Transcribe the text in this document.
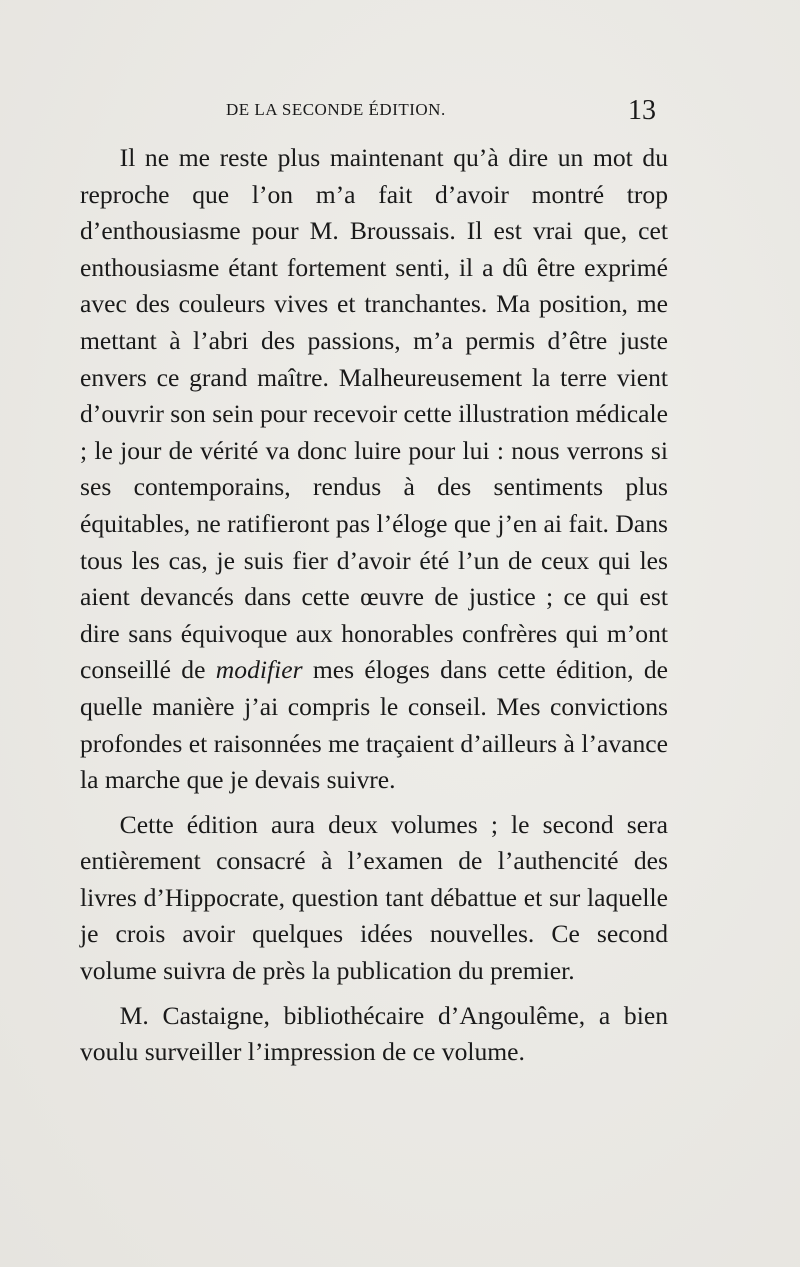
DE LA SECONDE ÉDITION.	13

Il ne me reste plus maintenant qu’à dire un mot du reproche que l’on m’a fait d’avoir montré trop d’enthousiasme pour M. Broussais. Il est vrai que, cet enthousiasme étant fortement senti, il a dû être exprimé avec des couleurs vives et tranchantes. Ma position, me mettant à l’abri des passions, m’a permis d’être juste envers ce grand maître. Malheureusement la terre vient d’ouvrir son sein pour recevoir cette illustration médicale ; le jour de vérité va donc luire pour lui : nous verrons si ses contemporains, rendus à des sentiments plus équitables, ne ratifieront pas l’éloge que j’en ai fait. Dans tous les cas, je suis fier d’avoir été l’un de ceux qui les aient devancés dans cette œuvre de justice ; ce qui est dire sans équivoque aux honorables confrères qui m’ont conseillé de modifier mes éloges dans cette édition, de quelle manière j’ai compris le conseil. Mes convictions profondes et raisonnées me traçaient d’ailleurs à l’avance la marche que je devais suivre.

Cette édition aura deux volumes ; le second sera entièrement consacré à l’examen de l’authencité des livres d’Hippocrate, question tant débattue et sur laquelle je crois avoir quelques idées nouvelles. Ce second volume suivra de près la publication du premier.

M. Castaigne, bibliothécaire d’Angoulême, a bien voulu surveiller l’impression de ce volume.
